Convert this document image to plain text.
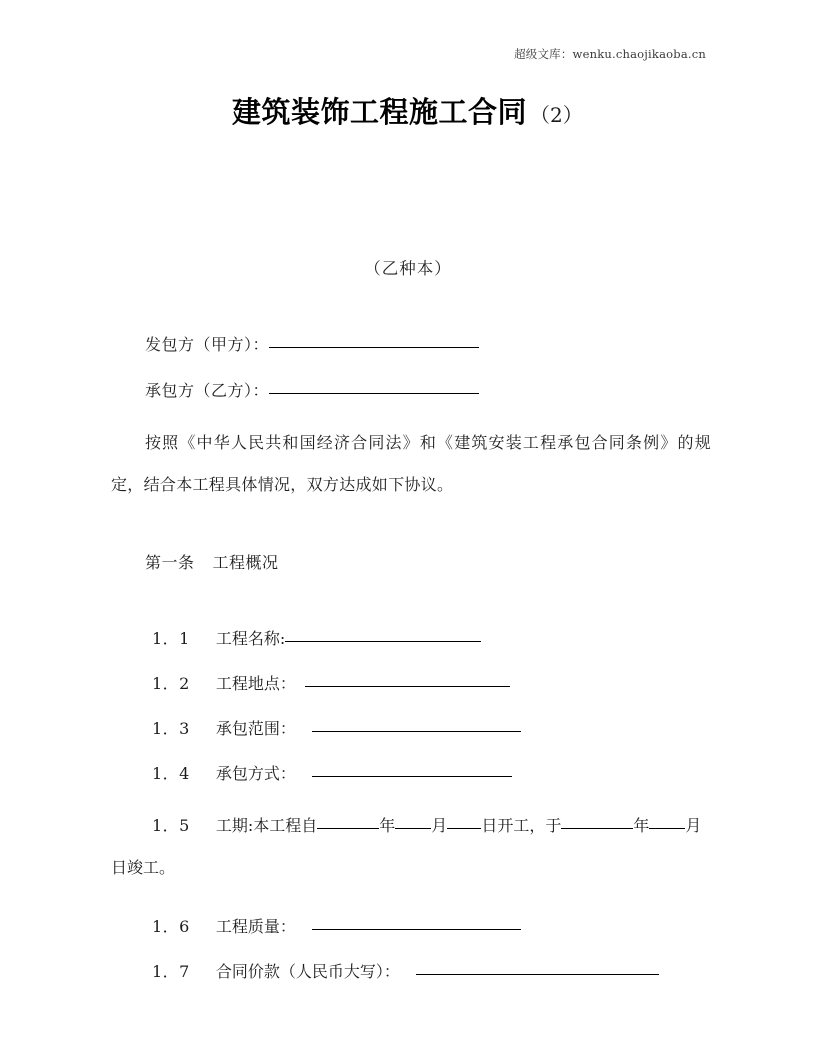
超级文库：wenku.chaojikaoba.cn
建筑装饰工程施工合同 （2）
（乙种本）
发包方（甲方）：
承包方（乙方）：
按照《中华人民共和国经济合同法》和《建筑安装工程承包合同条例》的规定，结合本工程具体情况，双方达成如下协议。
第一条 工程概况
1．1 工程名称:
1．2 工程地点：
1．3 承包范围：
1．4 承包方式：
1．5 工期:本工程自	年 月 日开工，于	年 月
日竣工。
1．6 工程质量：
1．7 合同价款（人民币大写）：
